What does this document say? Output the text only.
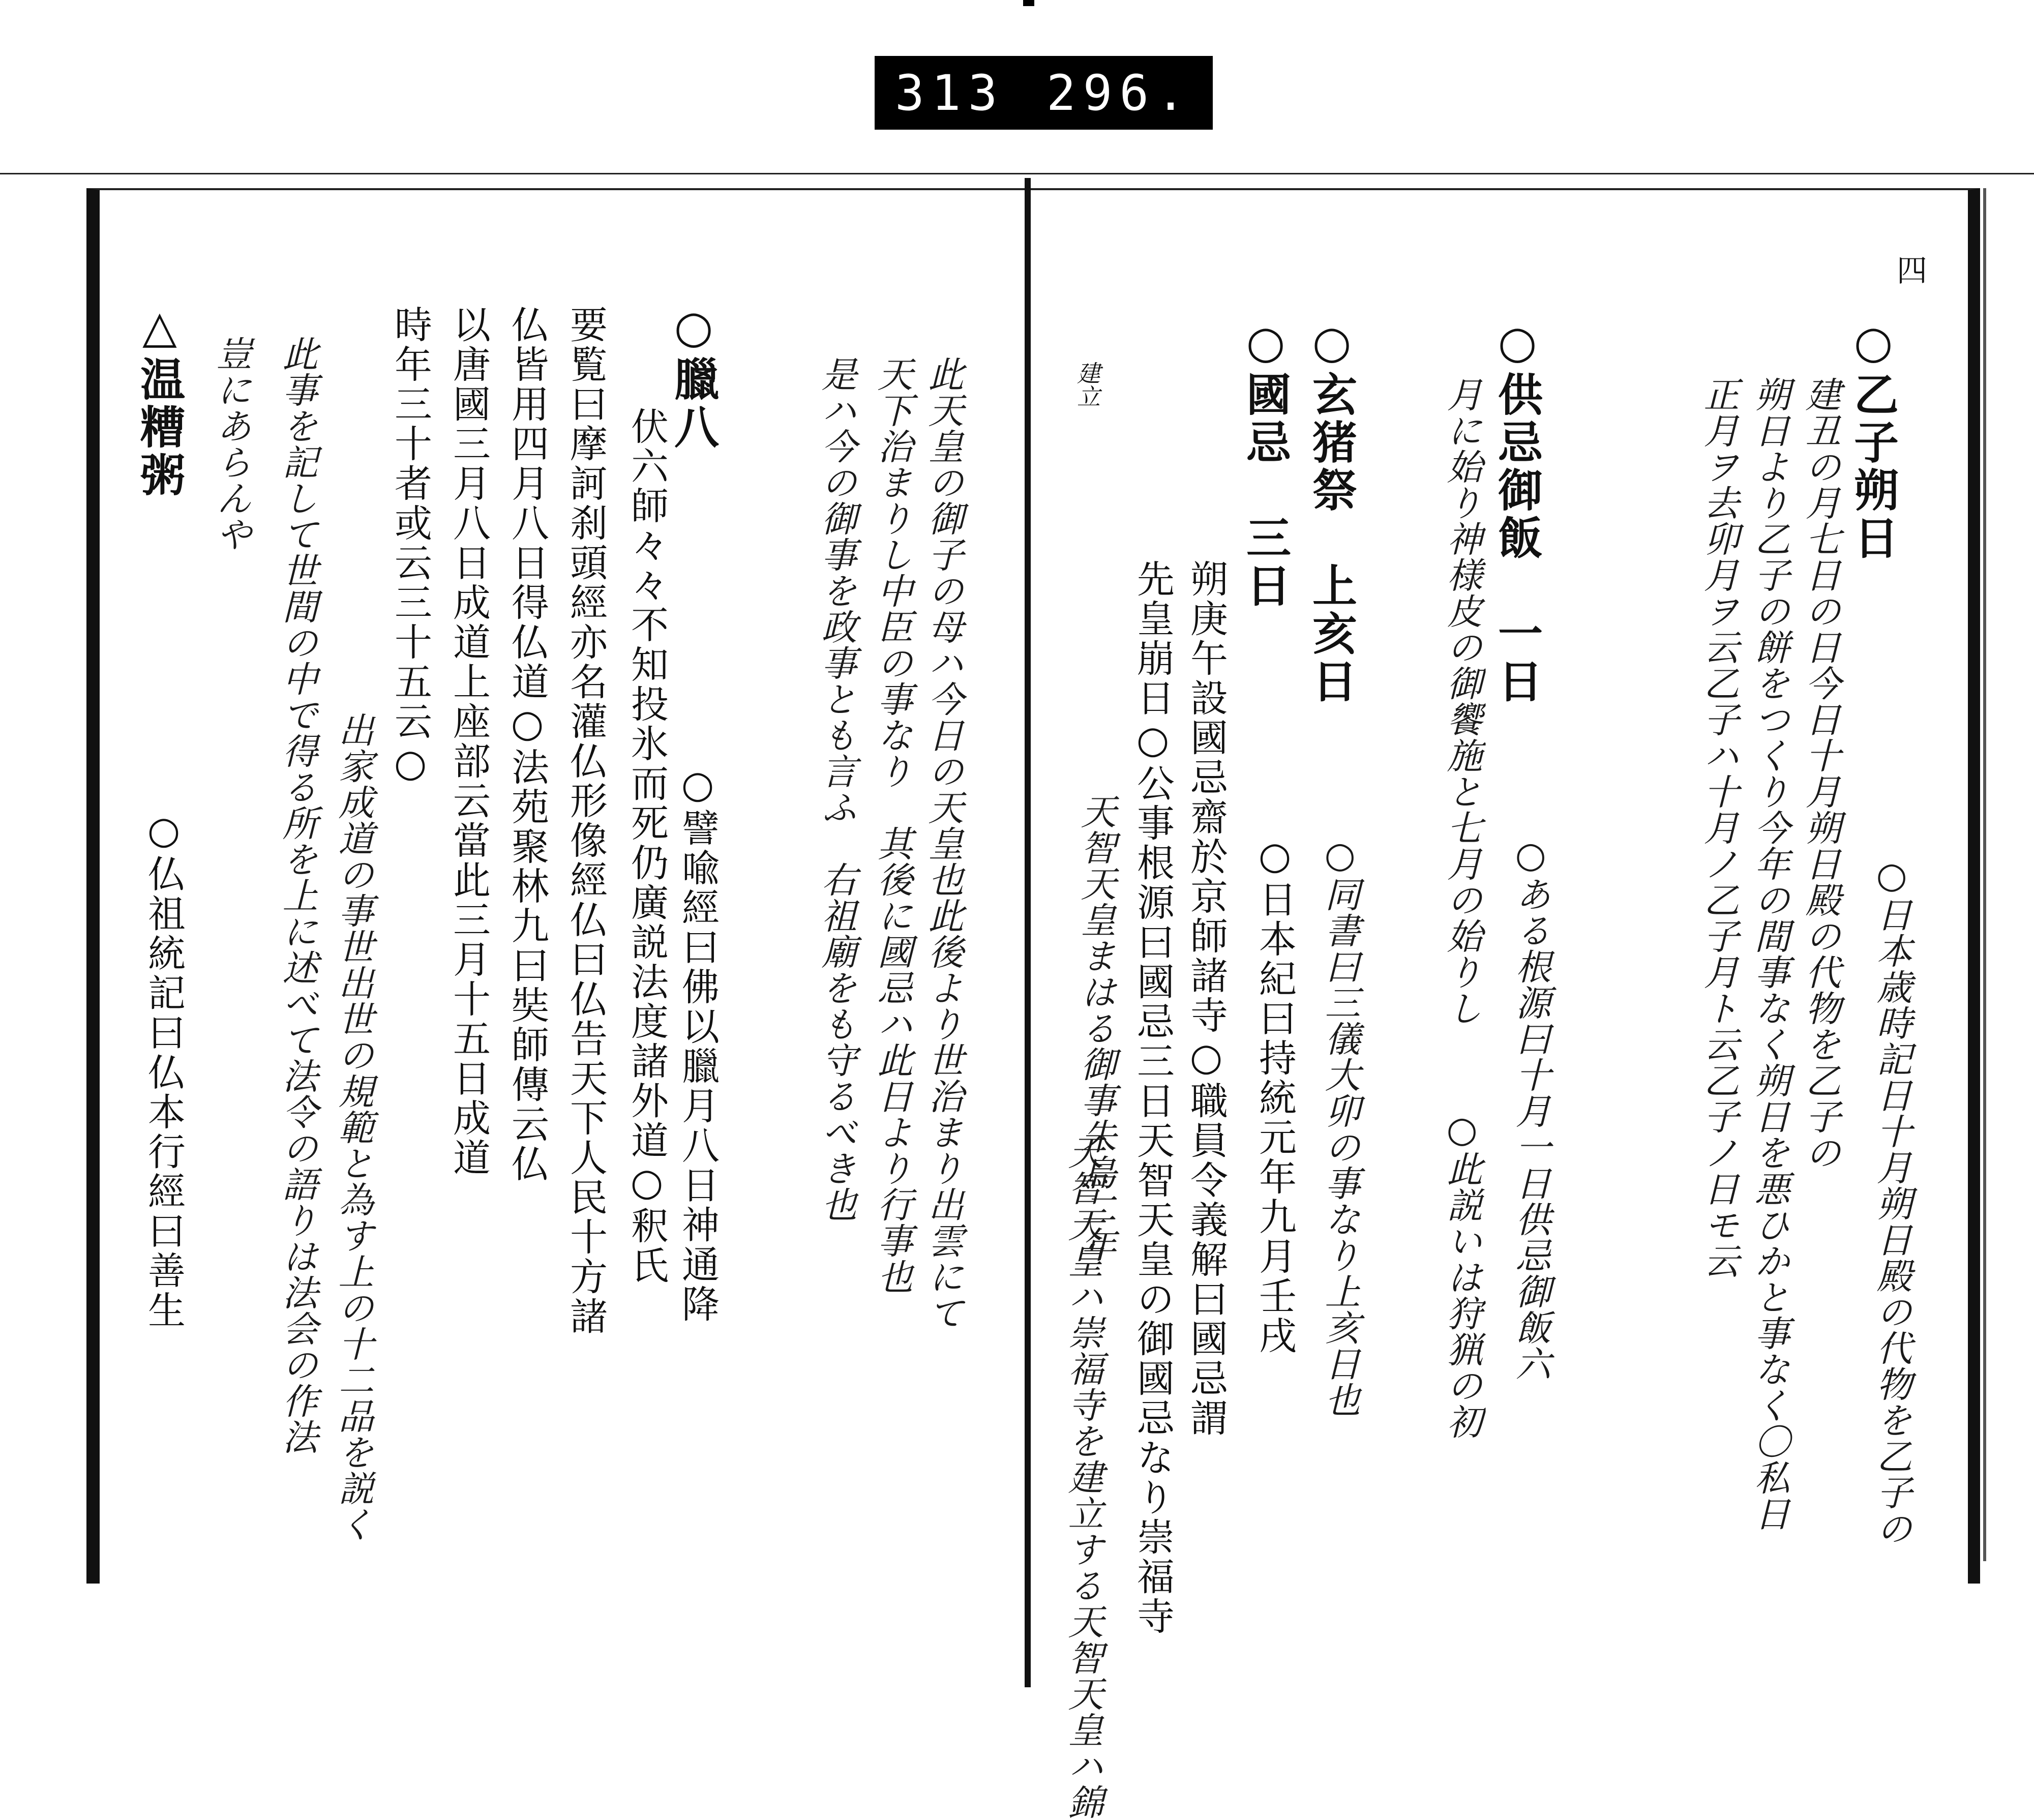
313 296.
四
○乙子朔日
建丑の月七日の日今日十月朔日殿の代物を乙子の
朔日より乙子の餅をつくり今年の間事なく朔日を悪ひかと事なく〇私日
正月ヲ去卯月ヲ云乙子ハ十月ノ乙子月ト云乙子ノ日モ云	○日本歳時記日十月朔日殿の代物を乙子の
○供忌御飯　一日
月に始り神様皮の御饗施と七月の始りし
○ある根源曰十月一日供忌御飯六
○此説いは狩猟の初
○玄猪祭　上亥日
○同書曰三儀大卯の事なり上亥日也
○國忌　三日
朔庚午設國忌齋於京師諸寺○職員令義解曰國忌謂
先皇崩日○公事根源曰國忌三日天智天皇の御國忌なり崇福寺
天智天皇まはる御事朱鳥二年
建立
○日本紀曰持統元年九月壬戌
天智天皇ハ崇福寺を建立する天智天皇ハ錦
此天皇の御子の母ハ今日の天皇也此後より世治まり出雲にて
天下治まりし中臣の事なり　其後に國忌ハ此日より行事也
是ハ今の御事を政事とも言ふ　右祖廟をも守るべき也
○臘八
伏六師々々不知投氷而死仍廣説法度諸外道○釈氏
要覧曰摩訶刹頭經亦名灌仏形像經仏曰仏告天下人民十方諸
仏皆用四月八日得仏道○法苑聚林九曰奘師傳云仏
以唐國三月八日成道上座部云當此三月十五日成道
時年三十者或云三十五云○
○譬喩經曰佛以臘月八日神通降
出家成道の事世出世の規範と為す上の十二品を説く
此事を記して世間の中で得る所を上に述べて法令の語りは法会の作法
豈にあらんや
△温糟粥
○仏祖統記曰仏本行經曰善生
